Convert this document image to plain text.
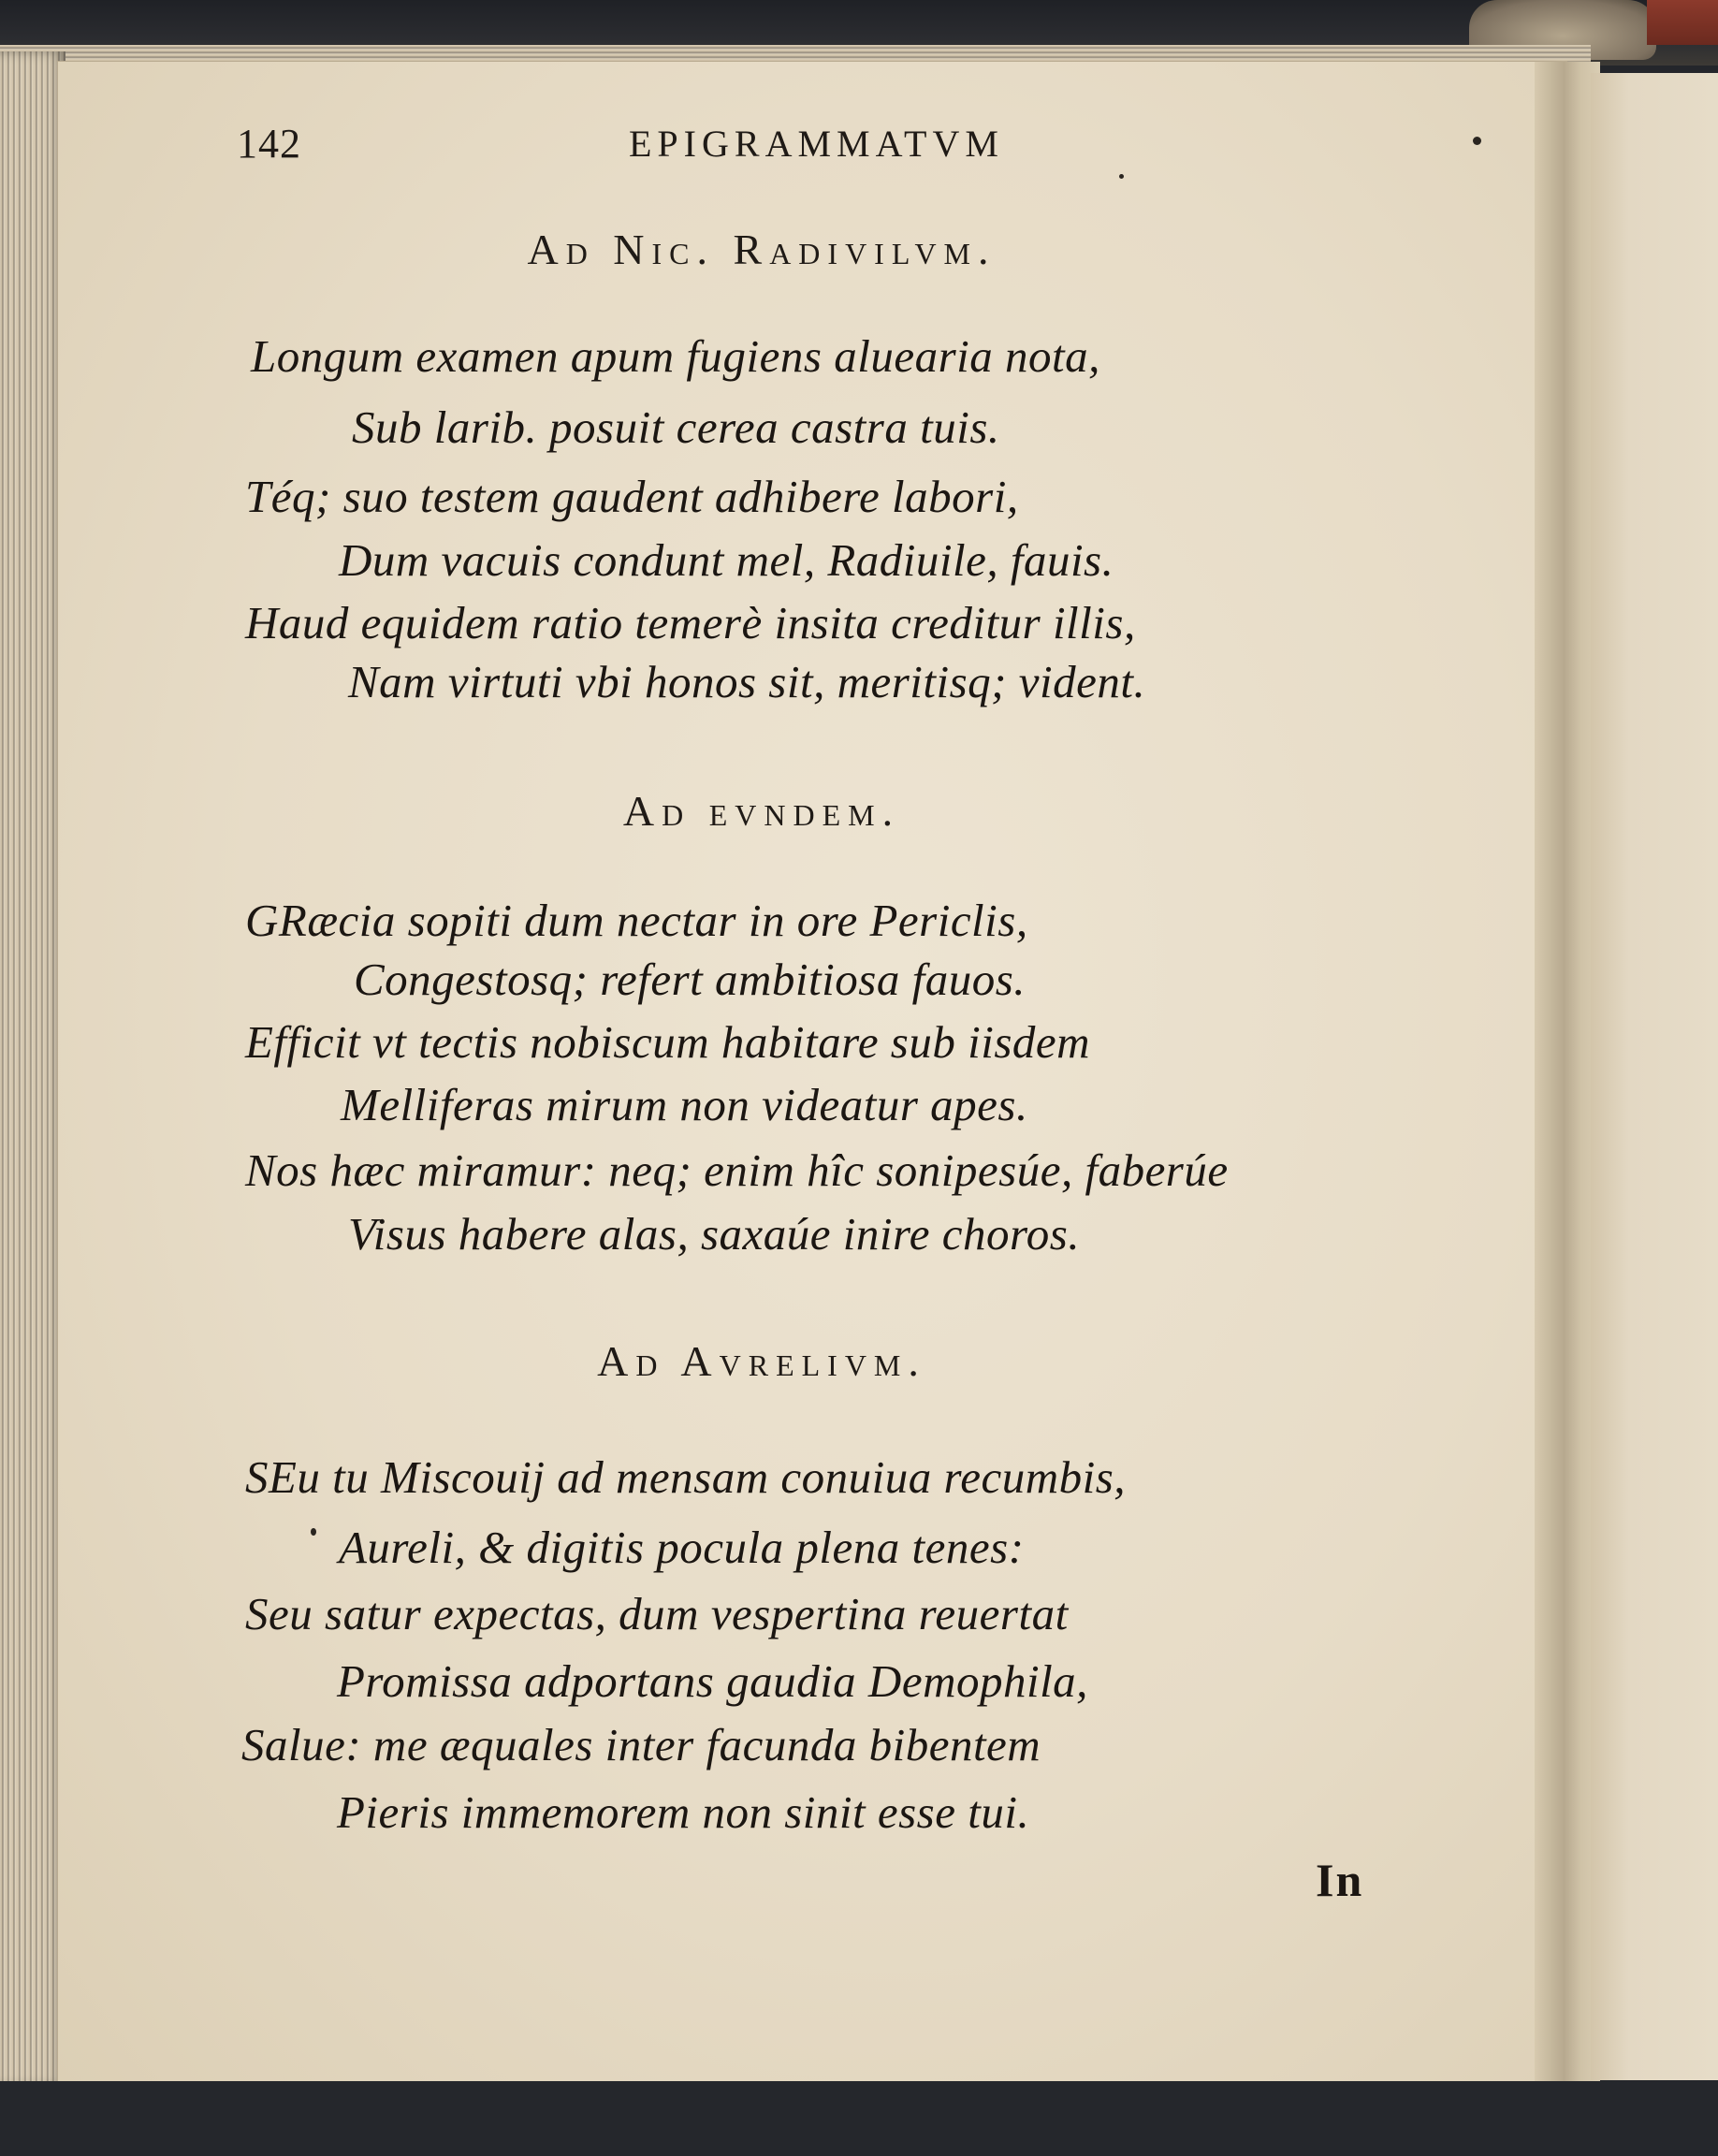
142	EPIGRAMMATVM
Ad Nic. Radivilvm.
Longum examen apum fugiens aluearia nota,
Sub larib. posuit cerea castra tuis.
Téq; suo testem gaudent adhibere labori,
Dum vacuis condunt mel, Radiuile, fauis.
Haud equidem ratio temerè insita creditur illis,
Nam virtuti vbi honos sit, meritisq; vident.
Ad evndem.
GRæcia sopiti dum nectar in ore Periclis,
Congestosq; refert ambitiosa fauos.
Efficit vt tectis nobiscum habitare sub iisdem
Melliferas mirum non videatur apes.
Nos hæc miramur: neq; enim hîc sonipesúe, faberúe
Visus habere alas, saxaúe inire choros.
Ad Avrelivm.
SEu tu Miscouij ad mensam conuiua recumbis,
Aureli, & digitis pocula plena tenes:
Seu satur expectas, dum vespertina reuertat
Promissa adportans gaudia Demophila,
Salue: me æquales inter facunda bibentem
Pieris immemorem non sinit esse tui.
In
